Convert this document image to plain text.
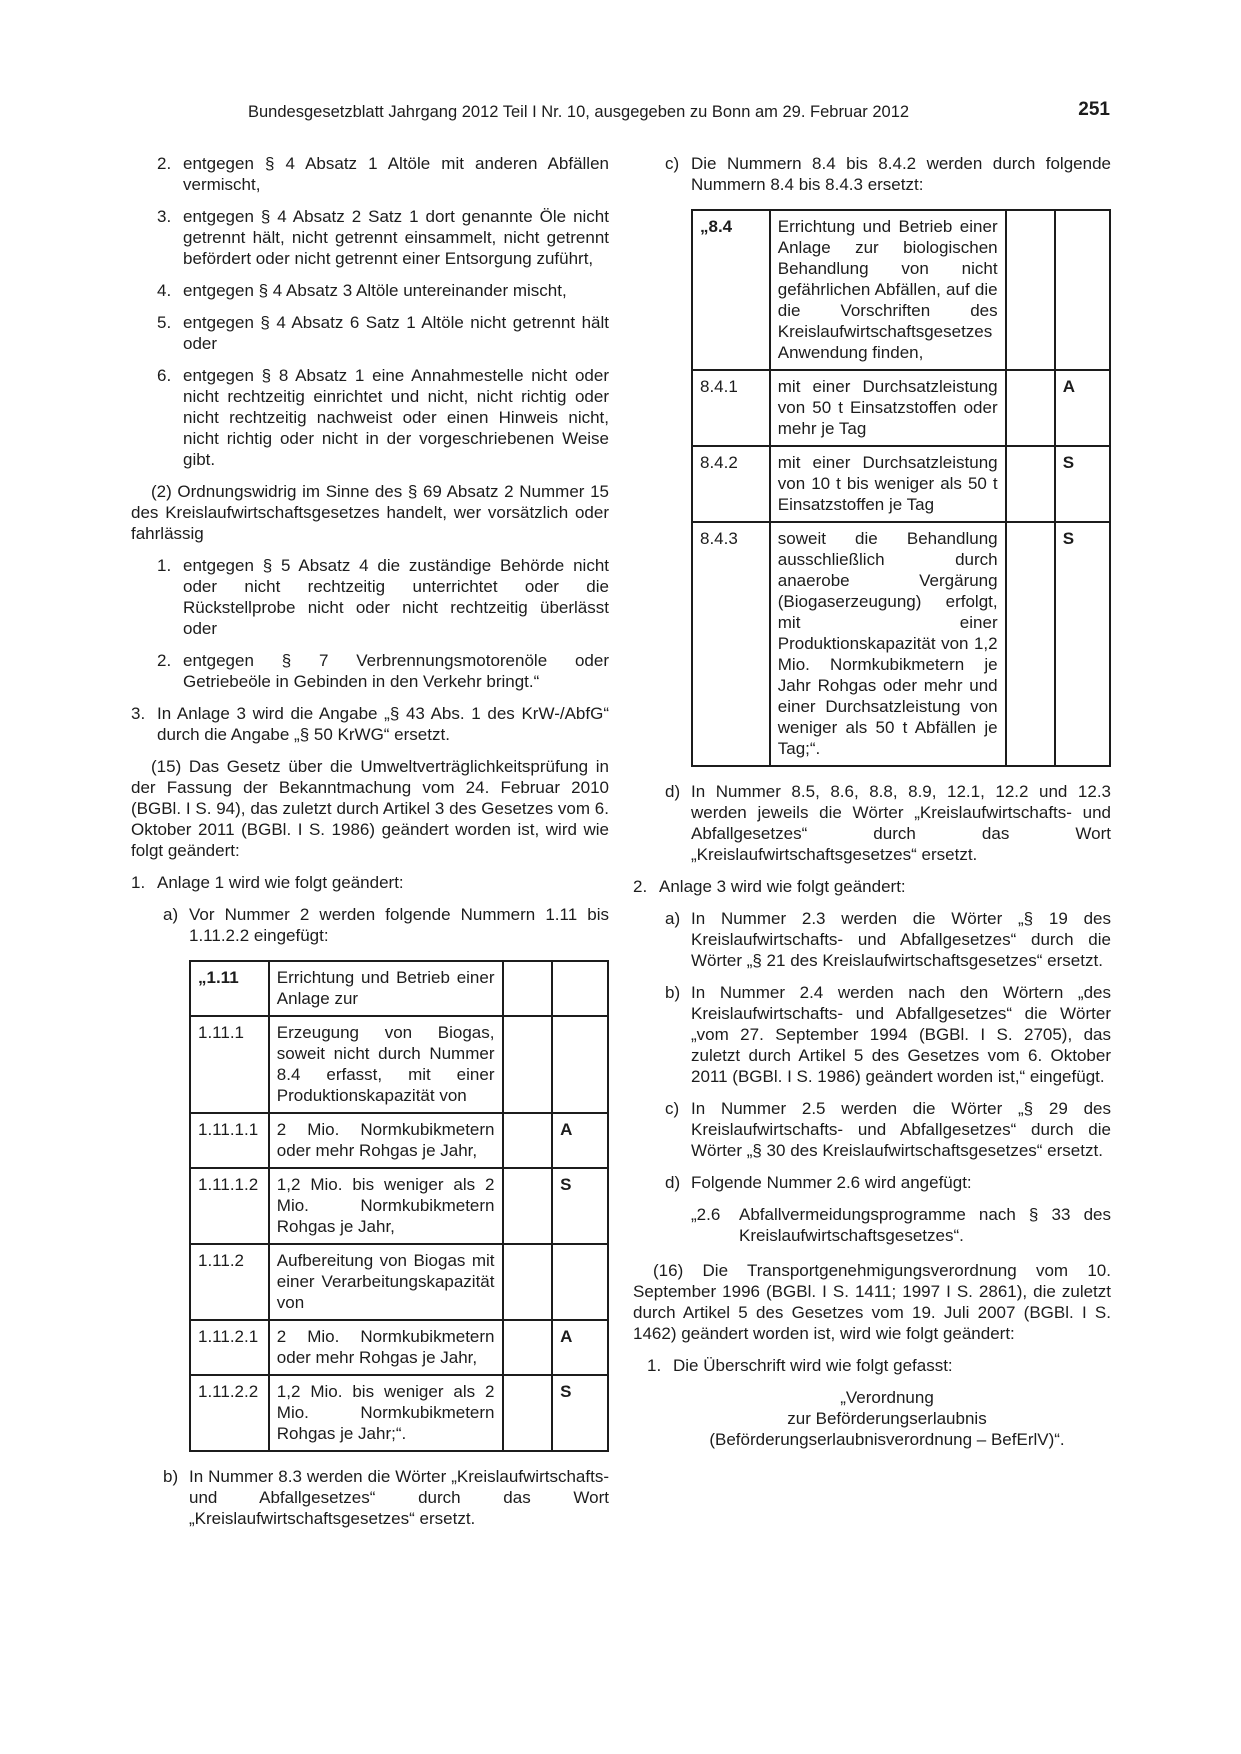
Bundesgesetzblatt Jahrgang 2012 Teil I Nr. 10, ausgegeben zu Bonn am 29. Februar 2012	251
2. entgegen § 4 Absatz 1 Altöle mit anderen Abfällen vermischt,
3. entgegen § 4 Absatz 2 Satz 1 dort genannte Öle nicht getrennt hält, nicht getrennt einsammelt, nicht getrennt befördert oder nicht getrennt einer Entsorgung zuführt,
4. entgegen § 4 Absatz 3 Altöle untereinander mischt,
5. entgegen § 4 Absatz 6 Satz 1 Altöle nicht getrennt hält oder
6. entgegen § 8 Absatz 1 eine Annahmestelle nicht oder nicht rechtzeitig einrichtet und nicht, nicht richtig oder nicht rechtzeitig nachweist oder einen Hinweis nicht, nicht richtig oder nicht in der vorgeschriebenen Weise gibt.

(2) Ordnungswidrig im Sinne des § 69 Absatz 2 Nummer 15 des Kreislaufwirtschaftsgesetzes handelt, wer vorsätzlich oder fahrlässig

1. entgegen § 5 Absatz 4 die zuständige Behörde nicht oder nicht rechtzeitig unterrichtet oder die Rückstellprobe nicht oder nicht rechtzeitig überlässt oder
2. entgegen § 7 Verbrennungsmotorenöle oder Getriebeöle in Gebinden in den Verkehr bringt.“
3. In Anlage 3 wird die Angabe „§ 43 Abs. 1 des KrW-/AbfG“ durch die Angabe „§ 50 KrWG“ ersetzt.

(15) Das Gesetz über die Umweltverträglichkeitsprüfung in der Fassung der Bekanntmachung vom 24. Februar 2010 (BGBl. I S. 94), das zuletzt durch Artikel 3 des Gesetzes vom 6. Oktober 2011 (BGBl. I S. 1986) geändert worden ist, wird wie folgt geändert:

1. Anlage 1 wird wie folgt geändert:
a) Vor Nummer 2 werden folgende Nummern 1.11 bis 1.11.2.2 eingefügt:
„1.11	Errichtung und Betrieb einer Anlage zur		
1.11.1	Erzeugung von Biogas, soweit nicht durch Nummer 8.4 erfasst, mit einer Produktionskapazität von		
1.11.1.1	2 Mio. Normkubikmetern oder mehr Rohgas je Jahr,		A
1.11.1.2	1,2 Mio. bis weniger als 2 Mio. Normkubikmetern Rohgas je Jahr,		S
1.11.2	Aufbereitung von Biogas mit einer Verarbeitungskapazität von		
1.11.2.1	2 Mio. Normkubikmetern oder mehr Rohgas je Jahr,		A
1.11.2.2	1,2 Mio. bis weniger als 2 Mio. Normkubikmetern Rohgas je Jahr;“.		S
b) In Nummer 8.3 werden die Wörter „Kreislaufwirtschafts- und Abfallgesetzes“ durch das Wort „Kreislaufwirtschaftsgesetzes“ ersetzt.
c) Die Nummern 8.4 bis 8.4.2 werden durch folgende Nummern 8.4 bis 8.4.3 ersetzt:
„8.4	Errichtung und Betrieb einer Anlage zur biologischen Behandlung von nicht gefährlichen Abfällen, auf die die Vorschriften des Kreislaufwirtschaftsgesetzes Anwendung finden,		
8.4.1	mit einer Durchsatzleistung von 50 t Einsatzstoffen oder mehr je Tag		A
8.4.2	mit einer Durchsatzleistung von 10 t bis weniger als 50 t Einsatzstoffen je Tag		S
8.4.3	soweit die Behandlung ausschließlich durch anaerobe Vergärung (Biogaserzeugung) erfolgt, mit einer Produktionskapazität von 1,2 Mio. Normkubikmetern je Jahr Rohgas oder mehr und einer Durchsatzleistung von weniger als 50 t Abfällen je Tag;“.		S
d) In Nummer 8.5, 8.6, 8.8, 8.9, 12.1, 12.2 und 12.3 werden jeweils die Wörter „Kreislaufwirtschafts- und Abfallgesetzes“ durch das Wort „Kreislaufwirtschaftsgesetzes“ ersetzt.
2. Anlage 3 wird wie folgt geändert:
a) In Nummer 2.3 werden die Wörter „§ 19 des Kreislaufwirtschafts- und Abfallgesetzes“ durch die Wörter „§ 21 des Kreislaufwirtschaftsgesetzes“ ersetzt.
b) In Nummer 2.4 werden nach den Wörtern „des Kreislaufwirtschafts- und Abfallgesetzes“ die Wörter „vom 27. September 1994 (BGBl. I S. 2705), das zuletzt durch Artikel 5 des Gesetzes vom 6. Oktober 2011 (BGBl. I S. 1986) geändert worden ist,“ eingefügt.
c) In Nummer 2.5 werden die Wörter „§ 29 des Kreislaufwirtschafts- und Abfallgesetzes“ durch die Wörter „§ 30 des Kreislaufwirtschaftsgesetzes“ ersetzt.
d) Folgende Nummer 2.6 wird angefügt:
„2.6	Abfallvermeidungsprogramme nach § 33 des Kreislaufwirtschaftsgesetzes“.

(16) Die Transportgenehmigungsverordnung vom 10. September 1996 (BGBl. I S. 1411; 1997 I S. 2861), die zuletzt durch Artikel 5 des Gesetzes vom 19. Juli 2007 (BGBl. I S. 1462) geändert worden ist, wird wie folgt geändert:

1. Die Überschrift wird wie folgt gefasst:
„Verordnung
zur Beförderungserlaubnis
(Beförderungserlaubnisverordnung – BefErlV)“.
